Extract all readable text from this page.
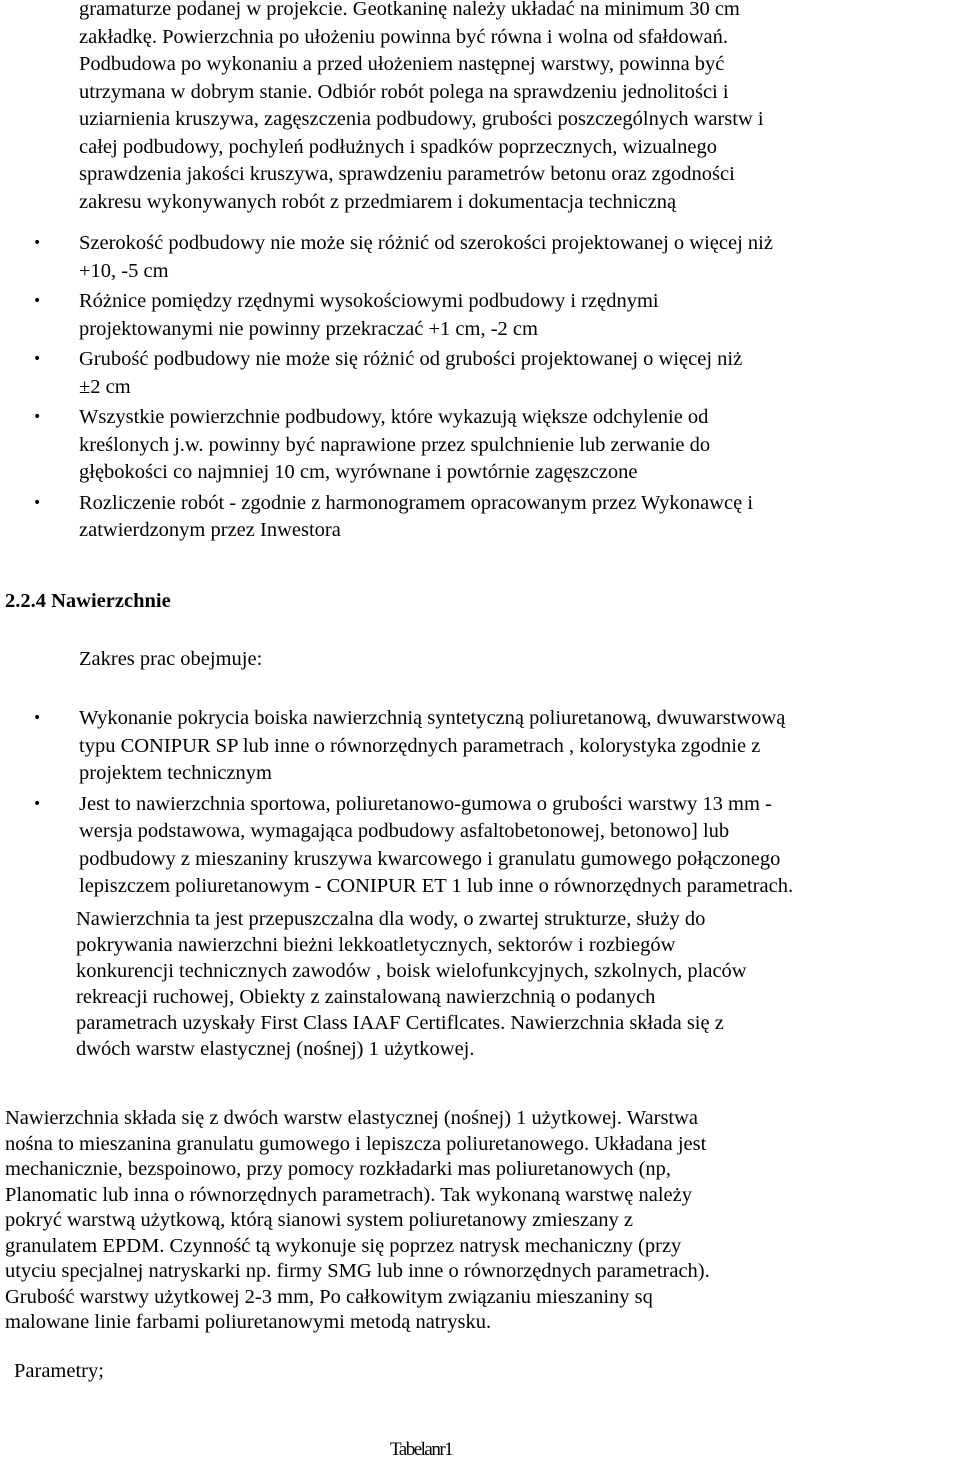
gramaturze podanej w projekcie. Geotkaninę należy układać na minimum 30 cm
zakładkę. Powierzchnia po ułożeniu powinna być równa i wolna od sfałdowań.
Podbudowa po wykonaniu a przed ułożeniem następnej warstwy, powinna być
utrzymana w dobrym stanie. Odbiór robót polega na sprawdzeniu jednolitości i
uziarnienia kruszywa, zagęszczenia podbudowy, grubości poszczególnych warstw i
całej podbudowy, pochyleń podłużnych i spadków poprzecznych, wizualnego
sprawdzenia jakości kruszywa, sprawdzeniu parametrów betonu oraz zgodności
zakresu wykonywanych robót z przedmiarem i dokumentacja techniczną
• Szerokość podbudowy nie może się różnić od szerokości projektowanej o więcej niż
+10, -5 cm
• Różnice pomiędzy rzędnymi wysokościowymi podbudowy i rzędnymi
projektowanymi nie powinny przekraczać +1 cm, -2 cm
• Grubość podbudowy nie może się różnić od grubości projektowanej o więcej niż
±2 cm
• Wszystkie powierzchnie podbudowy, które wykazują większe odchylenie od
kreślonych j.w. powinny być naprawione przez spulchnienie lub zerwanie do
głębokości co najmniej 10 cm, wyrównane i powtórnie zagęszczone
• Rozliczenie robót - zgodnie z harmonogramem opracowanym przez Wykonawcę i
zatwierdzonym przez Inwestora
2.2.4 Nawierzchnie
Zakres prac obejmuje:
• Wykonanie pokrycia boiska nawierzchnią syntetyczną poliuretanową, dwuwarstwową
typu CONIPUR SP lub inne o równorzędnych parametrach , kolorystyka zgodnie z
projektem technicznym
• Jest to nawierzchnia sportowa, poliuretanowo-gumowa o grubości warstwy 13 mm -
wersja podstawowa, wymagająca podbudowy asfaltobetonowej, betonowo] lub
podbudowy z mieszaniny kruszywa kwarcowego i granulatu gumowego połączonego
lepiszczem poliuretanowym - CONIPUR ET 1 lub inne o równorzędnych parametrach.
Nawierzchnia ta jest przepuszczalna dla wody, o zwartej strukturze, służy do
pokrywania nawierzchni bieżni lekkoatletycznych, sektorów i rozbiegów
konkurencji technicznych zawodów , boisk wielofunkcyjnych, szkolnych, placów
rekreacji ruchowej, Obiekty z zainstalowaną nawierzchnią o podanych
parametrach uzyskały First Class IAAF Certiflcates. Nawierzchnia składa się z
dwóch warstw elastycznej (nośnej) 1 użytkowej.
Nawierzchnia składa się z dwóch warstw elastycznej (nośnej) 1 użytkowej. Warstwa
nośna to mieszanina granulatu gumowego i lepiszcza poliuretanowego. Układana jest
mechanicznie, bezspoinowo, przy pomocy rozkładarki mas poliuretanowych (np,
Planomatic lub inna o równorzędnych parametrach). Tak wykonaną warstwę należy
pokryć warstwą użytkową, którą sianowi system poliuretanowy zmieszany z
granulatem EPDM. Czynność tą wykonuje się poprzez natrysk mechaniczny (przy
utyciu specjalnej natryskarki np. firmy SMG lub inne o równorzędnych parametrach).
Grubość warstwy użytkowej 2-3 mm, Po całkowitym związaniu mieszaniny sq
malowane linie farbami poliuretanowymi metodą natrysku.
Parametry;
Tabelanr1
